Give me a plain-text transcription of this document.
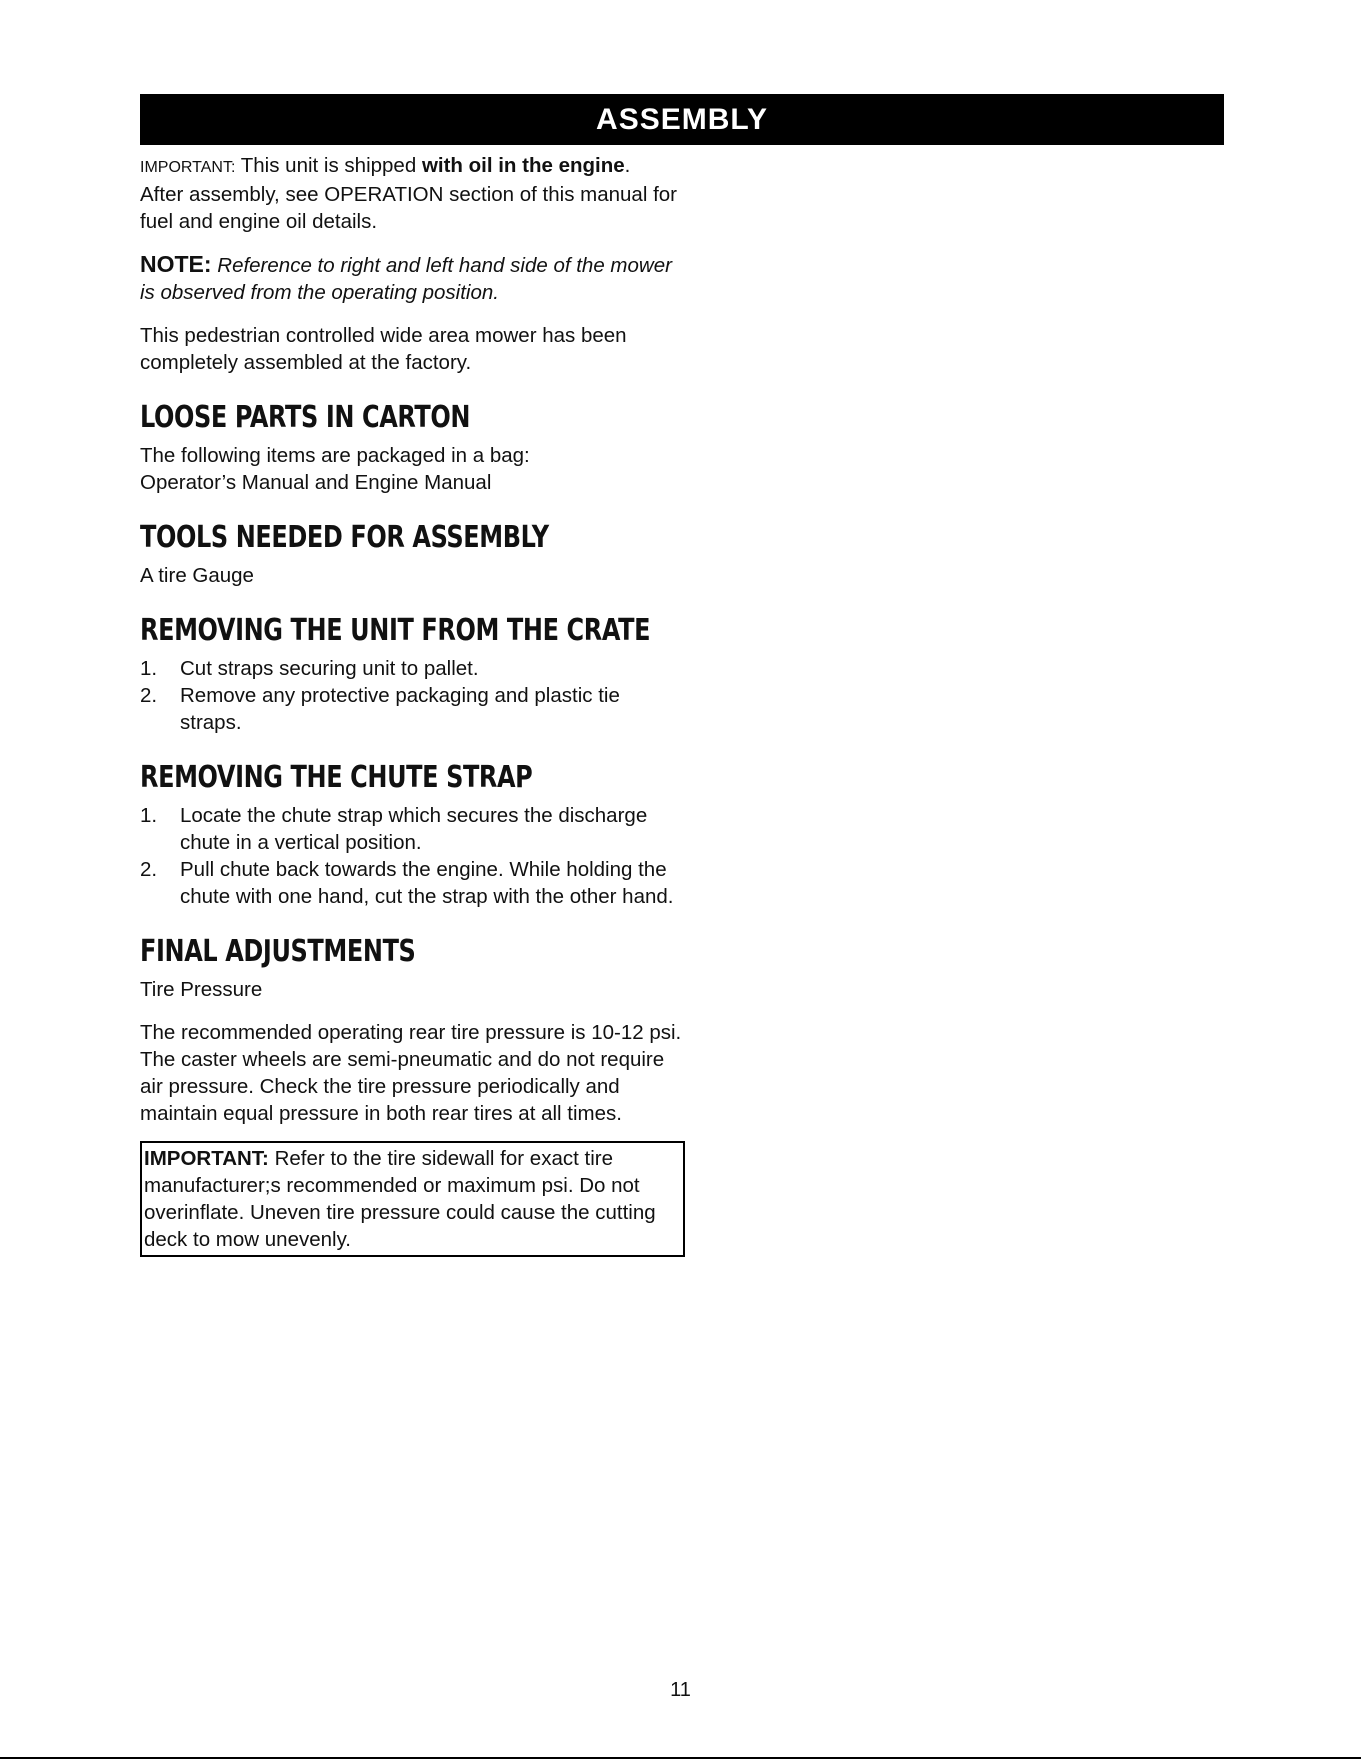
ASSEMBLY

IMPORTANT: This unit is shipped with oil in the engine.

After assembly, see OPERATION section of this manual for fuel and engine oil details.

NOTE: Reference to right and left hand side of the mower is observed from the operating position.

This pedestrian controlled wide area mower has been completely assembled at the factory.

LOOSE PARTS IN CARTON

The following items are packaged in a bag:

Operator’s Manual and Engine Manual

TOOLS NEEDED FOR ASSEMBLY

A tire Gauge

REMOVING THE UNIT FROM THE CRATE
1.	Cut straps securing unit to pallet.
2.	Remove any protective packaging and plastic tie straps.
REMOVING THE CHUTE STRAP
1.	Locate the chute strap which secures the discharge chute in a vertical position.
2.	Pull chute back towards the engine. While holding the chute with one hand, cut the strap with the other hand.
FINAL ADJUSTMENTS

Tire Pressure

The recommended operating rear tire pressure is 10-12 psi. The caster wheels are semi-pneumatic and do not require air pressure. Check the tire pressure periodically and maintain equal pressure in both rear tires at all times.

IMPORTANT: Refer to the tire sidewall for exact tire manufacturer;s recommended or maximum psi. Do not overinflate. Uneven tire pressure could cause the cutting deck to mow unevenly.

11
